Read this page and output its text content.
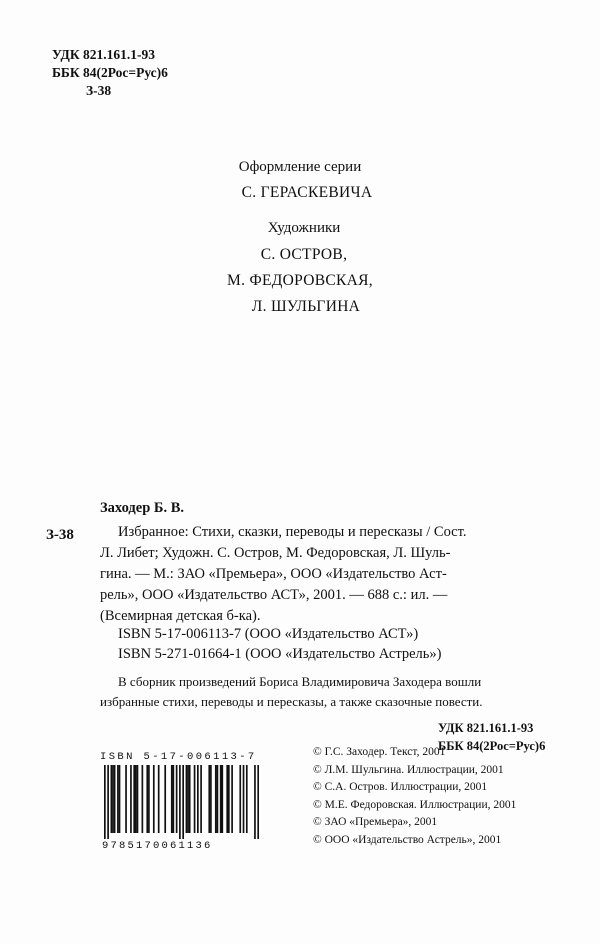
УДК 821.161.1-93
ББК 84(2Рос=Рус)6
З-38
Оформление серии
С. ГЕРАСКЕВИЧА
Художники
С. ОСТРОВ,
М. ФЕДОРОВСКАЯ,
Л. ШУЛЬГИНА
Заходер Б. В.
З-38	Избранное: Стихи, сказки, переводы и пересказы / Сост.
Л. Либет; Художн. С. Остров, М. Федоровская, Л. Шуль-
гина. — М.: ЗАО «Премьера», ООО «Издательство Аст-
рель», ООО «Издательство АСТ», 2001. — 688 с.: ил. —
(Всемирная детская б-ка).
ISBN 5-17-006113-7 (ООО «Издательство АСТ»)
ISBN 5-271-01664-1 (ООО «Издательство Астрель»)
В сборник произведений Бориса Владимировича Заходера вошли
избранные стихи, переводы и пересказы, а также сказочные повести.
УДК 821.161.1-93
ББК 84(2Рос=Рус)6
ISBN 5-17-006113-7
9785170061136
© Г.С. Заходер. Текст, 2001
© Л.М. Шульгина. Иллюстрации, 2001
© С.А. Остров. Иллюстрации, 2001
© М.Е. Федоровская. Иллюстрации, 2001
© ЗАО «Премьера», 2001
© ООО «Издательство Астрель», 2001
